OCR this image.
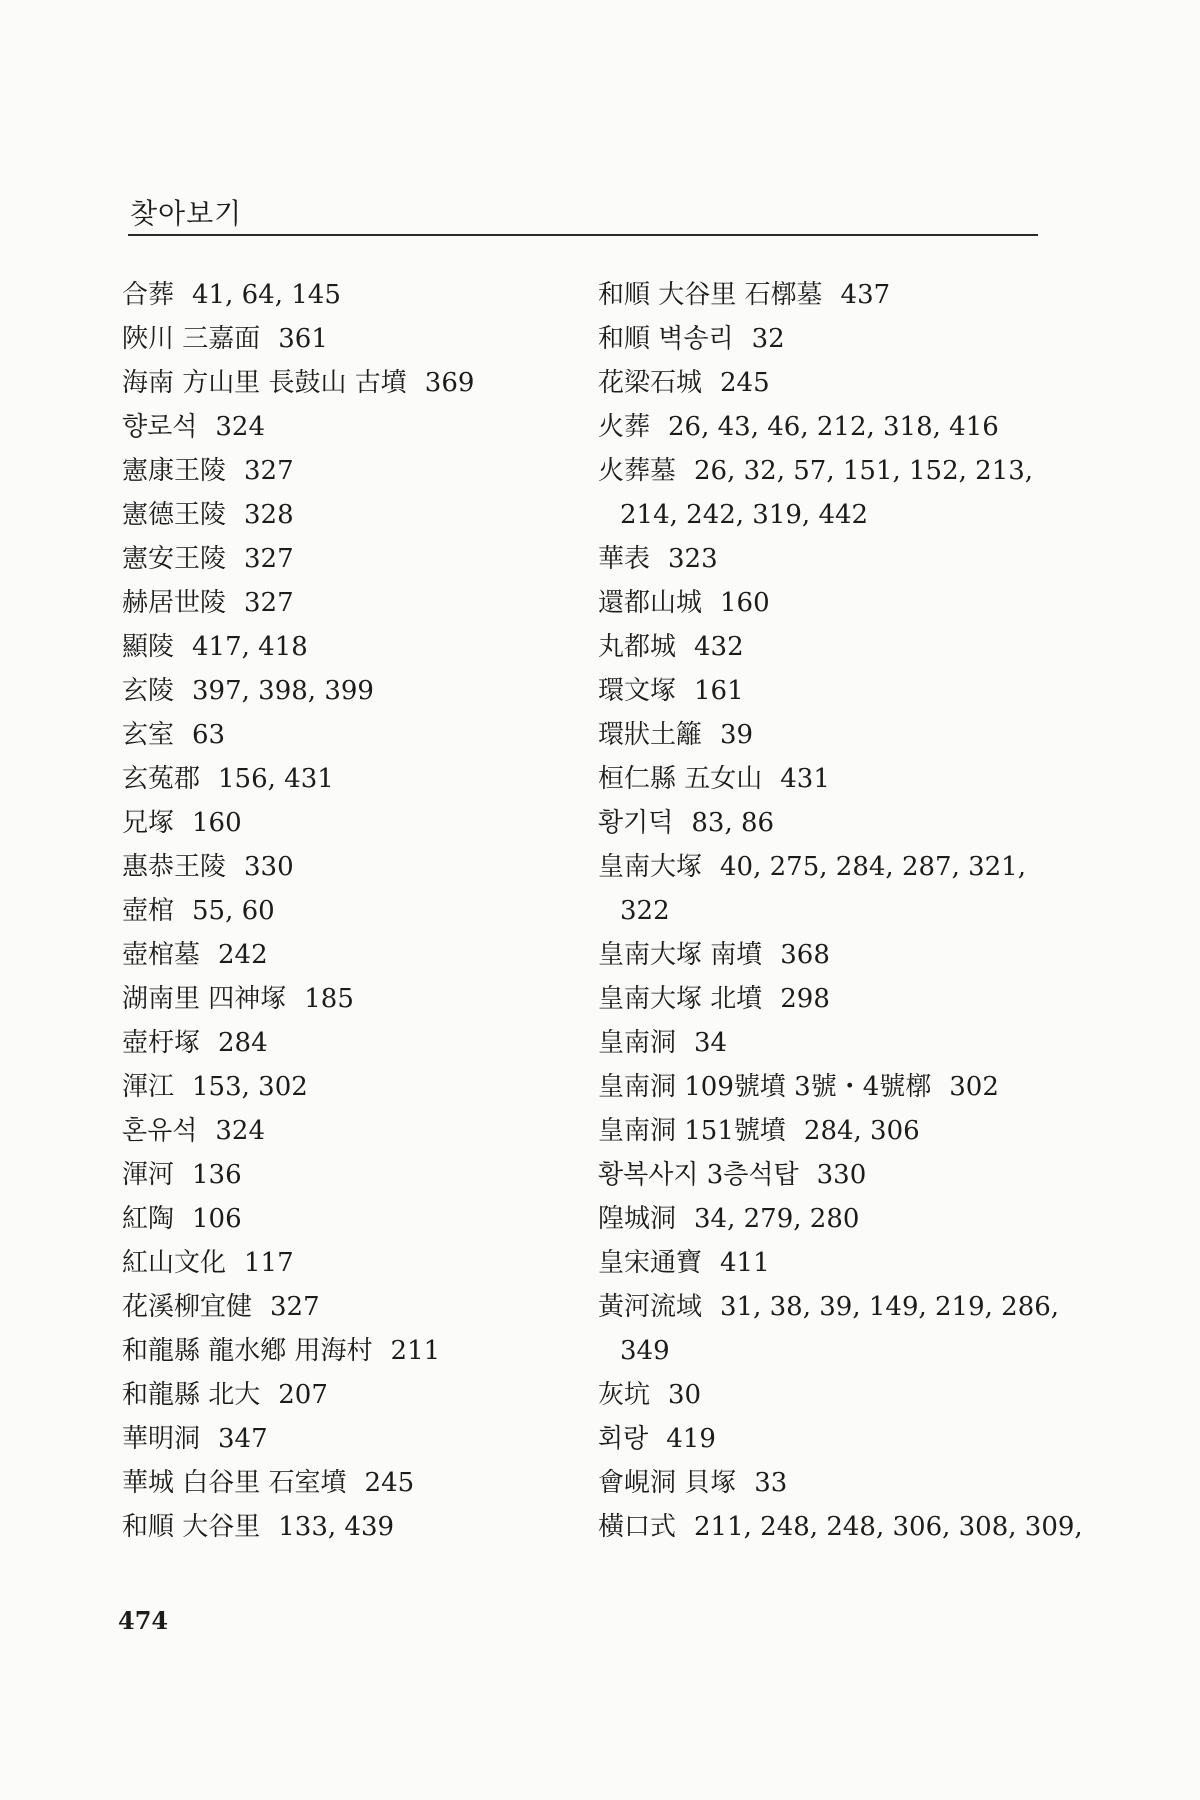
찾아보기
合葬 41, 64, 145
陜川 三嘉面 361
海南 方山里 長鼓山 古墳 369
향로석 324
憲康王陵 327
憲德王陵 328
憲安王陵 327
赫居世陵 327
顯陵 417, 418
玄陵 397, 398, 399
玄室 63
玄菟郡 156, 431
兄塚 160
惠恭王陵 330
壺棺 55, 60
壺棺墓 242
湖南里 四神塚 185
壺杅塚 284
渾江 153, 302
혼유석 324
渾河 136
紅陶 106
紅山文化 117
花溪柳宜健 327
和龍縣 龍水鄕 用海村 211
和龍縣 北大 207
華明洞 347
華城 白谷里 石室墳 245
和順 大谷里 133, 439
和順 大谷里 石槨墓 437
和順 벽송리 32
花梁石城 245
火葬 26, 43, 46, 212, 318, 416
火葬墓 26, 32, 57, 151, 152, 213,
214, 242, 319, 442
華表 323
還都山城 160
丸都城 432
環文塚 161
環狀土籬 39
桓仁縣 五女山 431
황기덕 83, 86
皇南大塚 40, 275, 284, 287, 321,
322
皇南大塚 南墳 368
皇南大塚 北墳 298
皇南洞 34
皇南洞 109號墳 3號・4號槨 302
皇南洞 151號墳 284, 306
황복사지 3층석탑 330
隍城洞 34, 279, 280
皇宋通寶 411
黃河流域 31, 38, 39, 149, 219, 286,
349
灰坑 30
회랑 419
會峴洞 貝塚 33
橫口式 211, 248, 248, 306, 308, 309,
474
